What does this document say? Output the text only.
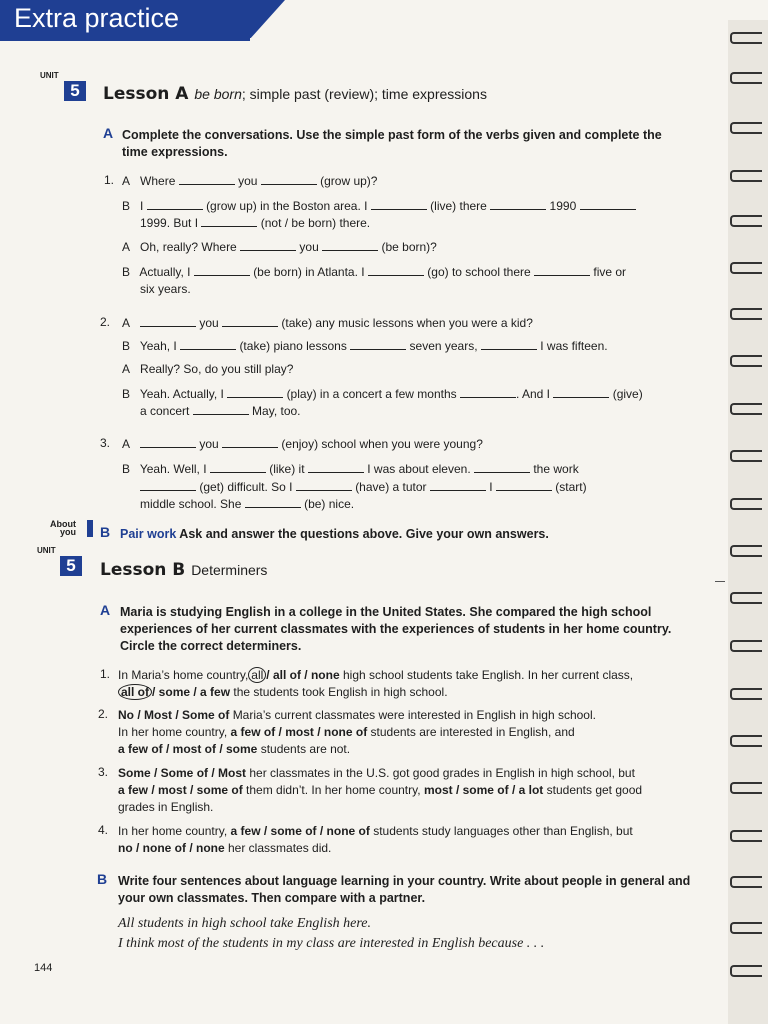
Extra practice
UNIT
5	Lesson A be born; simple past (review); time expressions
A Complete the conversations. Use the simple past form of the verbs given and complete the time expressions.
1. A Where	you	(grow up)?
B I	(grow up) in the Boston area. I	(live) there	1990
1999. But I	(not / be born) there.
A Oh, really? Where	you	(be born)?
B Actually, I	(be born) in Atlanta. I	(go) to school there	five or
six years.
2. A	you	(take) any music lessons when you were a kid?
B Yeah, I	(take) piano lessons	seven years,	I was fifteen.
A Really? So, do you still play?
B Yeah. Actually, I	(play) in a concert a few months	. And I	(give)
a concert	May, too.
3. A	you	(enjoy) school when you were young?
B Yeah. Well, I	(like) it	I was about eleven.	the work
(get) difficult. So I	(have) a tutor	I	(start)
middle school. She	(be) nice.
About
you B Pair work Ask and answer the questions above. Give your own answers.
UNIT
5	Lesson B Determiners
A Maria is studying English in a college in the United States. She compared the high school experiences of her current classmates with the experiences of students in her home country. Circle the correct determiners.
1. In Maria’s home country, all / all of / none high school students take English. In her current class,
all of / some / a few the students took English in high school.
2. No / Most / Some of Maria’s current classmates were interested in English in high school.
In her home country, a few of / most / none of students are interested in English, and
a few of / most of / some students are not.
3. Some / Some of / Most her classmates in the U.S. got good grades in English in high school, but
a few / most / some of them didn’t. In her home country, most / some of / a lot students get good
grades in English.
4. In her home country, a few / some of / none of students study languages other than English, but
no / none of / none her classmates did.
B Write four sentences about language learning in your country. Write about people in general and your own classmates. Then compare with a partner.
All students in high school take English here.
I think most of the students in my class are interested in English because . . .
144
